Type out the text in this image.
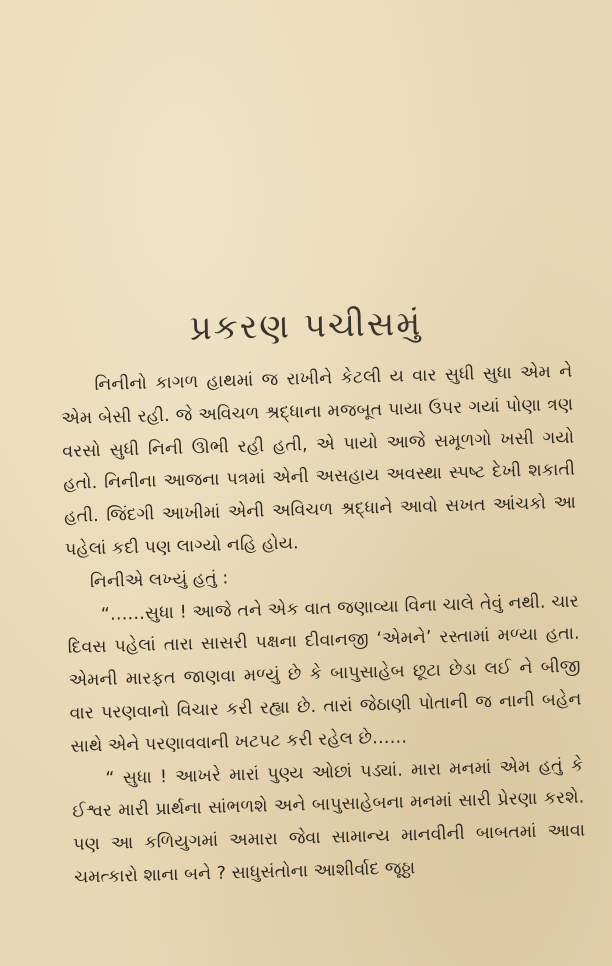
પ્રકરણ પચીસમું

નિનીનો કાગળ હાથમાં જ રાખીને કેટલી ય વાર સુધી સુધા એમ ને એમ બેસી રહી. જે અવિચળ શ્રદ્ધાના મજબૂત પાયા ઉપર ગયાં પોણા ત્રણ વરસો સુધી નિની ઊભી રહી હતી, એ પાયો આજે સમૂળગો ખસી ગયો હતો. નિનીના આજના પત્રમાં એની અસહાય અવસ્થા સ્પષ્ટ દેખી શકાતી હતી. જિંદગી આખીમાં એની અવિચળ શ્રદ્ધાને આવો સખત આંચકો આ પહેલાં કદી પણ લાગ્યો નહિ હોય.

નિનીએ લખ્યું હતું :

“……સુધા ! આજે તને એક વાત જણાવ્યા વિના ચાલે તેવું નથી. ચાર દિવસ પહેલાં તારા સાસરી પક્ષના દીવાનજી ‘એમને’ રસ્તામાં મળ્યા હતા. એમની મારફત જાણવા મળ્યું છે કે બાપુસાહેબ છૂટા છેડા લઈ ને બીજી વાર પરણવાનો વિચાર કરી રહ્યા છે. તારાં જેઠાણી પોતાની જ નાની બહેન સાથે એને પરણાવવાની ખટપટ કરી રહેલ છે……

“ સુધા ! આખરે મારાં પુણ્ય ઓછાં પડ્યાં. મારા મનમાં એમ હતું કે ઈશ્વર મારી પ્રાર્થના સાંભળશે અને બાપુસાહેબના મનમાં સારી પ્રેરણા કરશે. પણ આ કળિયુગમાં અમારા જેવા સામાન્ય માનવીની બાબતમાં આવા ચમત્કારો શાના બને ? સાધુસંતોના આશીર્વાદ જૂઠ્ઠા
